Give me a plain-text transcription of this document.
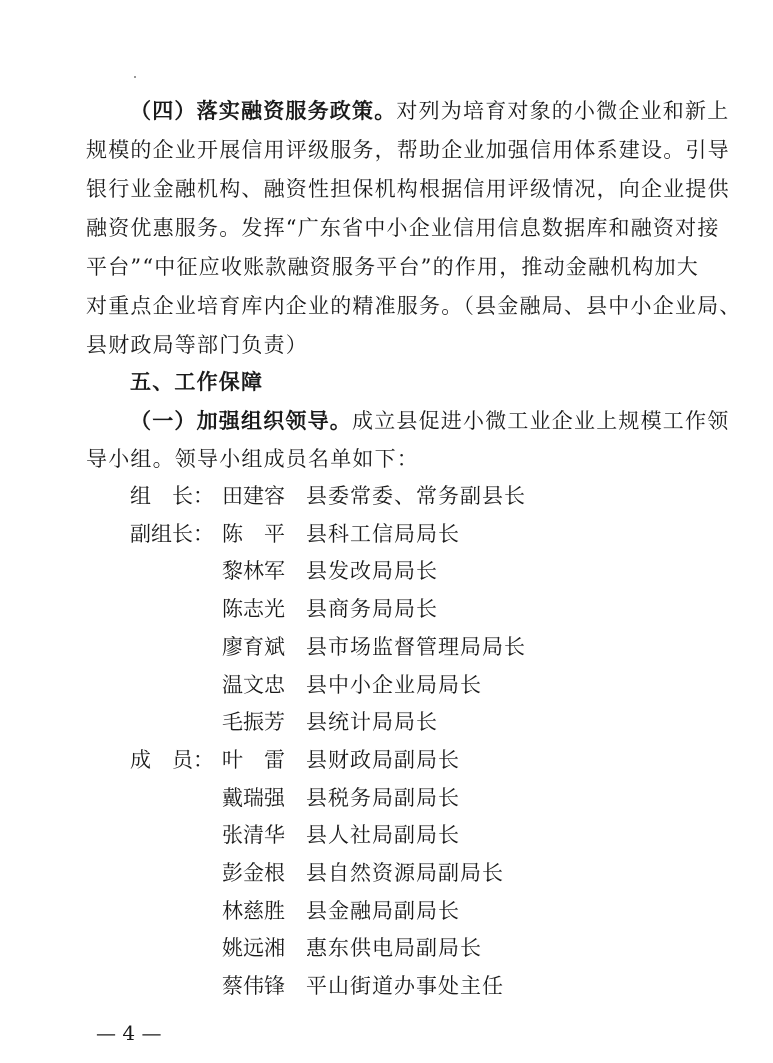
（四）落实融资服务政策。对列为培育对象的小微企业和新上
规模的企业开展信用评级服务，帮助企业加强信用体系建设。引导
银行业金融机构、融资性担保机构根据信用评级情况，向企业提供
融资优惠服务。发挥“广东省中小企业信用信息数据库和融资对接
平台”“中征应收账款融资服务平台”的作用，推动金融机构加大
对重点企业培育库内企业的精准服务。（县金融局、县中小企业局、
县财政局等部门负责）
五、工作保障
（一）加强组织领导。成立县促进小微工业企业上规模工作领
导小组。领导小组成员名单如下：
组　长： 田建容	县委常委、常务副县长
副组长： 陈　平	县科工信局局长
黎林军	县发改局局长
陈志光	县商务局局长
廖育斌	县市场监督管理局局长
温文忠	县中小企业局局长
毛振芳	县统计局局长
成　员： 叶　雷	县财政局副局长
戴瑞强	县税务局副局长
张清华	县人社局副局长
彭金根	县自然资源局副局长
林慈胜	县金融局副局长
姚远湘	惠东供电局副局长
蔡伟锋	平山街道办事处主任
— 4 —
